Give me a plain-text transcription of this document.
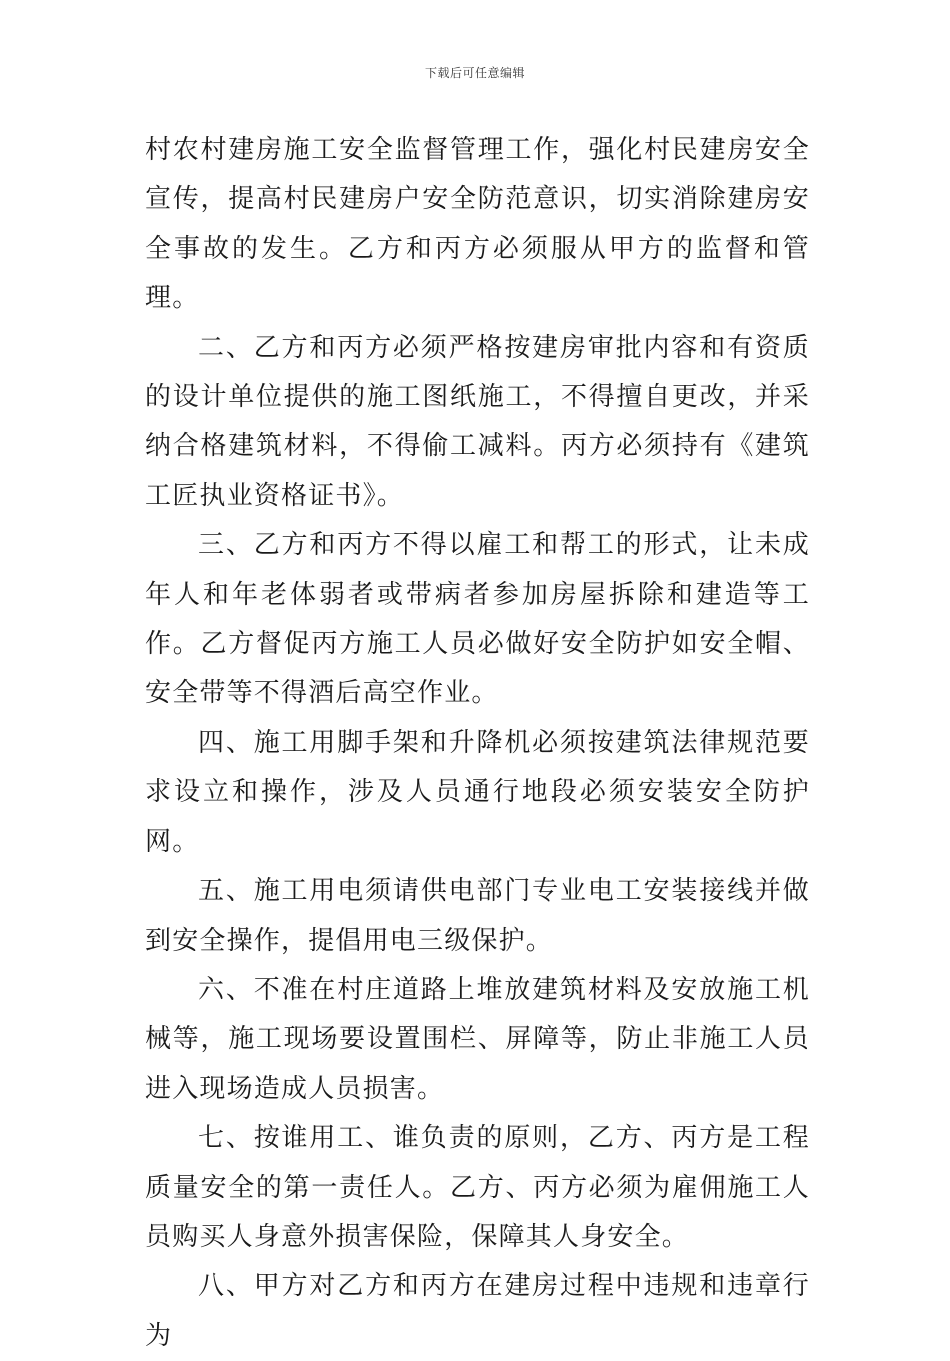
下载后可任意编辑

村农村建房施工安全监督管理工作，强化村民建房安全宣传，提高村民建房户安全防范意识，切实消除建房安全事故的发生。乙方和丙方必须服从甲方的监督和管理。

二、乙方和丙方必须严格按建房审批内容和有资质的设计单位提供的施工图纸施工，不得擅自更改，并采纳合格建筑材料，不得偷工减料。丙方必须持有《建筑工匠执业资格证书》。

三、乙方和丙方不得以雇工和帮工的形式，让未成年人和年老体弱者或带病者参加房屋拆除和建造等工作。乙方督促丙方施工人员必做好安全防护如安全帽、安全带等不得酒后高空作业。

四、施工用脚手架和升降机必须按建筑法律规范要求设立和操作，涉及人员通行地段必须安装安全防护网。

五、施工用电须请供电部门专业电工安装接线并做到安全操作，提倡用电三级保护。

六、不准在村庄道路上堆放建筑材料及安放施工机械等，施工现场要设置围栏、屏障等，防止非施工人员进入现场造成人员损害。

七、按谁用工、谁负责的原则，乙方、丙方是工程质量安全的第一责任人。乙方、丙方必须为雇佣施工人员购买人身意外损害保险，保障其人身安全。

八、甲方对乙方和丙方在建房过程中违规和违章行为
